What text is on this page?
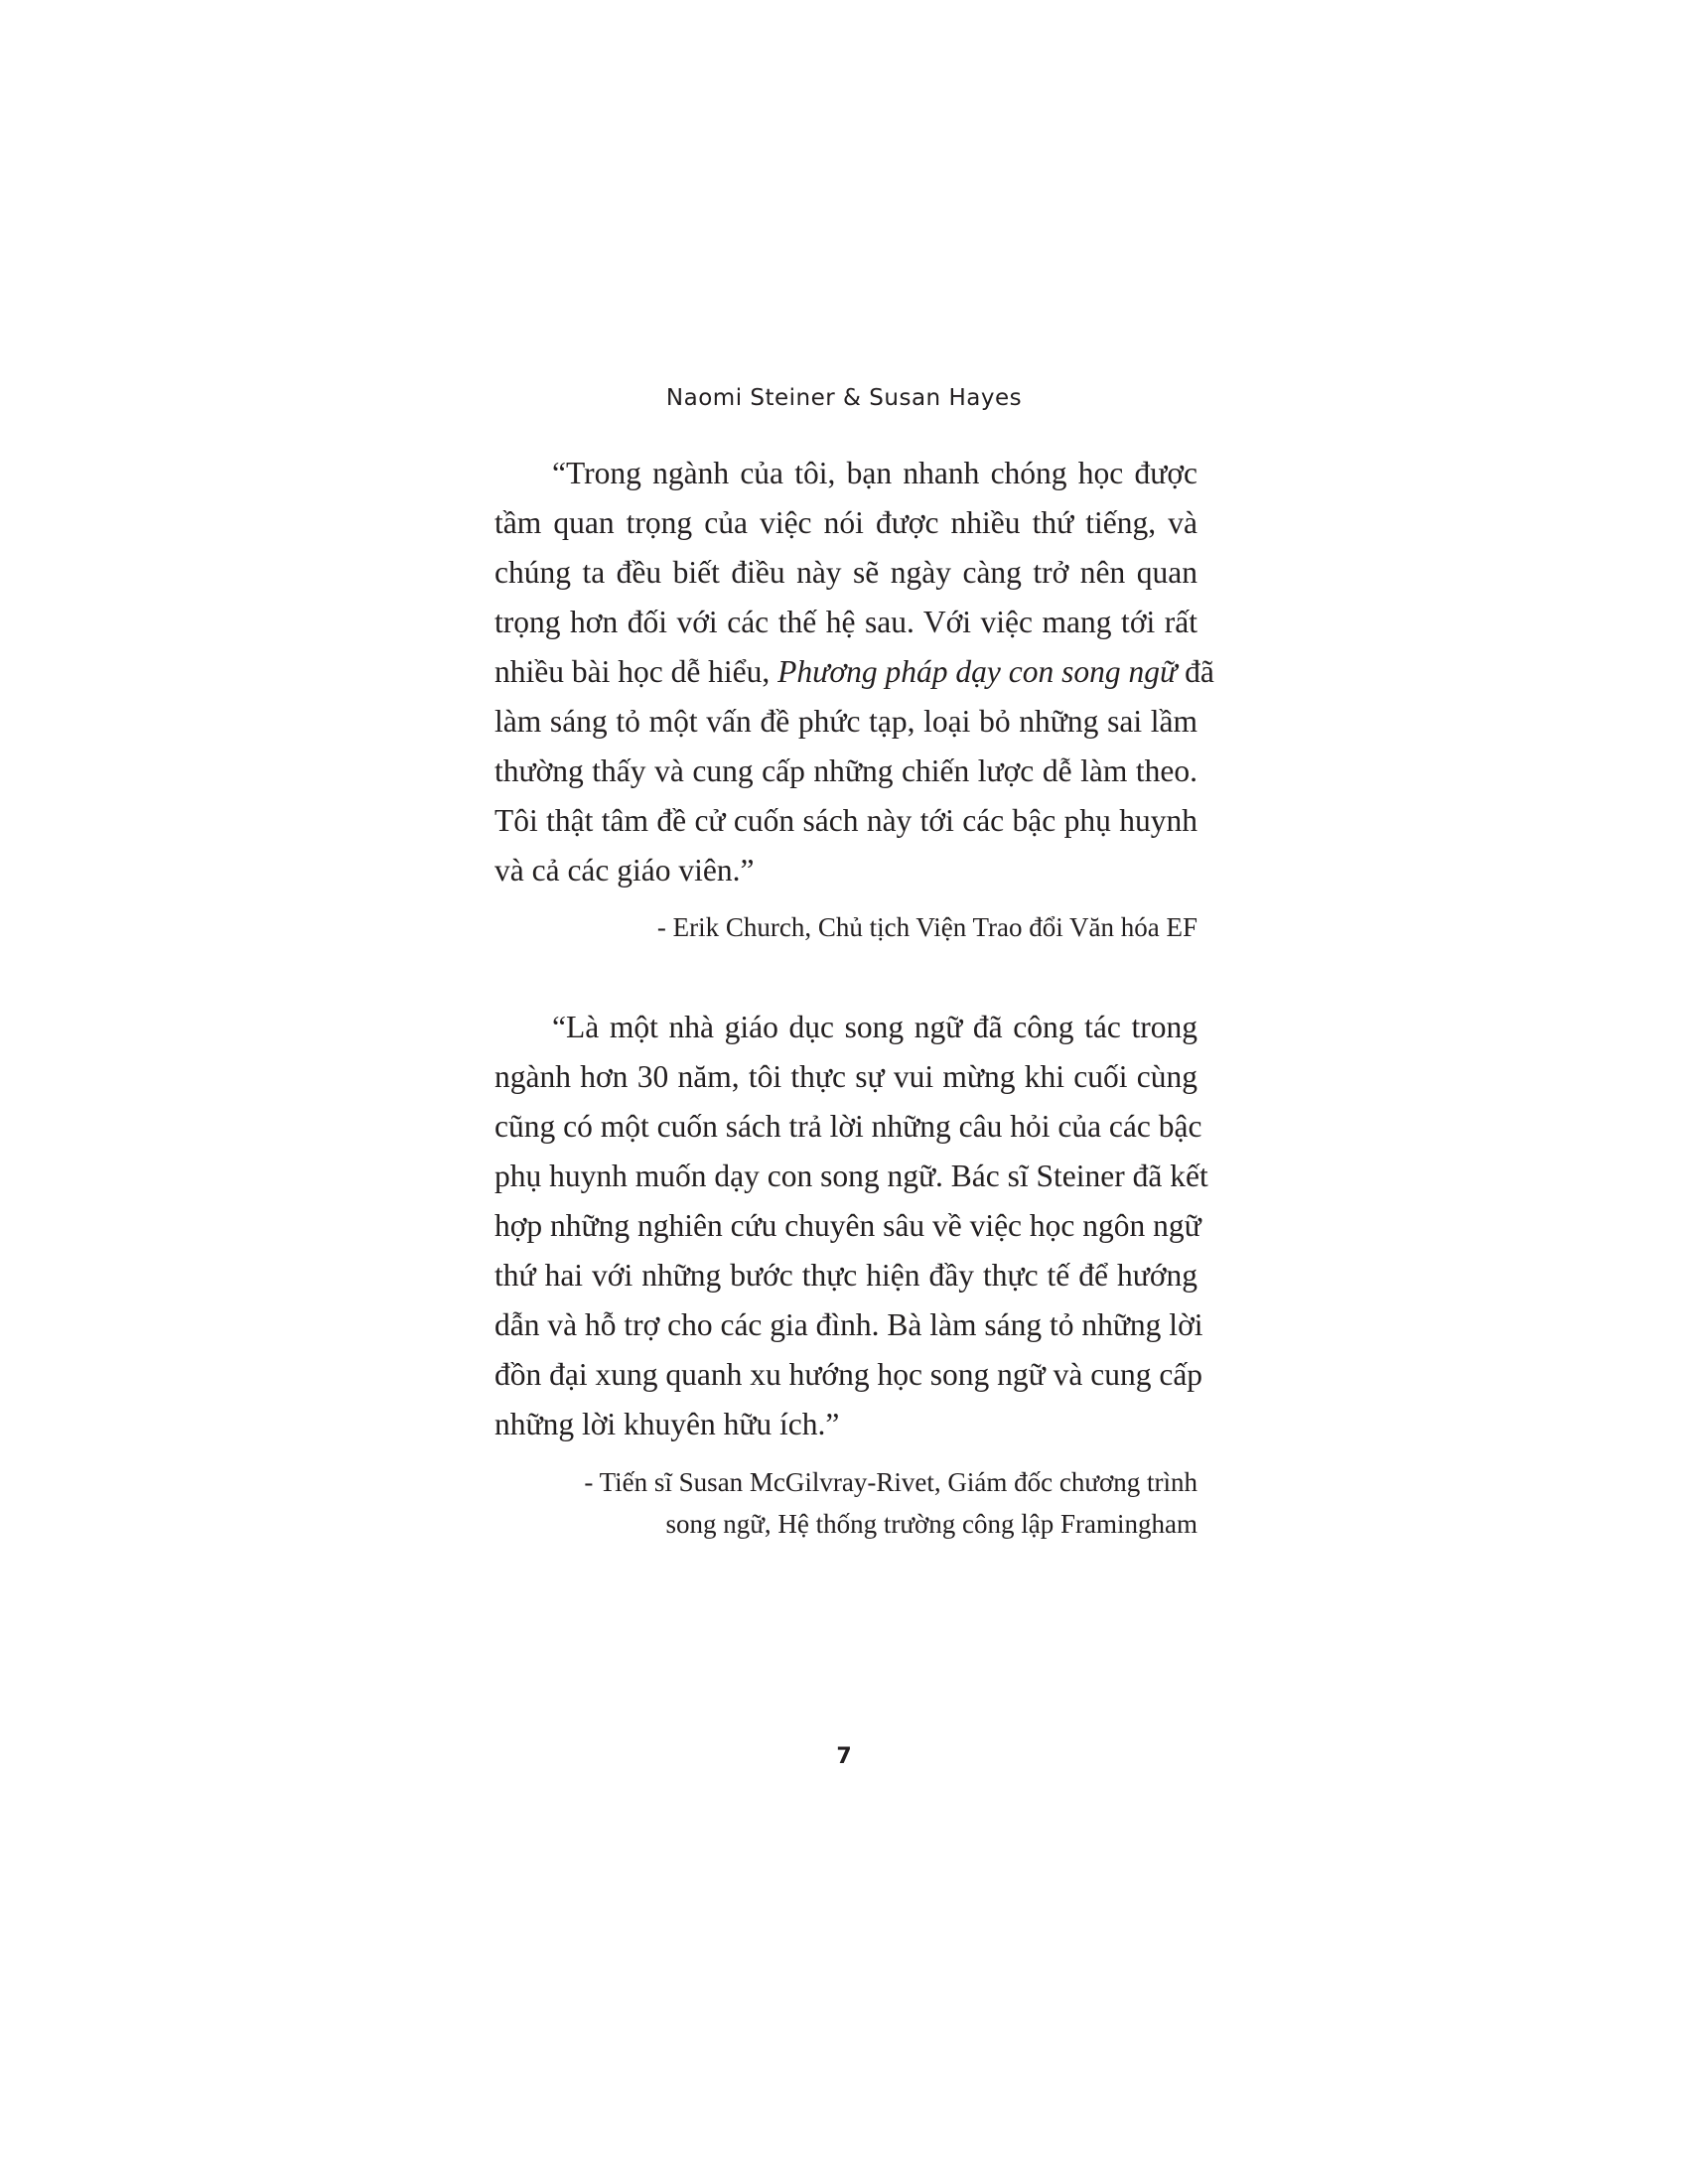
Naomi Steiner & Susan Hayes
“Trong ngành của tôi, bạn nhanh chóng học được
tầm quan trọng của việc nói được nhiều thứ tiếng, và
chúng ta đều biết điều này sẽ ngày càng trở nên quan
trọng hơn đối với các thế hệ sau. Với việc mang tới rất
nhiều bài học dễ hiểu, Phương pháp dạy con song ngữ đã
làm sáng tỏ một vấn đề phức tạp, loại bỏ những sai lầm
thường thấy và cung cấp những chiến lược dễ làm theo.
Tôi thật tâm đề cử cuốn sách này tới các bậc phụ huynh
và cả các giáo viên.”
- Erik Church, Chủ tịch Viện Trao đổi Văn hóa EF
“Là một nhà giáo dục song ngữ đã công tác trong
ngành hơn 30 năm, tôi thực sự vui mừng khi cuối cùng
cũng có một cuốn sách trả lời những câu hỏi của các bậc
phụ huynh muốn dạy con song ngữ. Bác sĩ Steiner đã kết
hợp những nghiên cứu chuyên sâu về việc học ngôn ngữ
thứ hai với những bước thực hiện đầy thực tế để hướng
dẫn và hỗ trợ cho các gia đình. Bà làm sáng tỏ những lời
đồn đại xung quanh xu hướng học song ngữ và cung cấp
những lời khuyên hữu ích.”
- Tiến sĩ Susan McGilvray-Rivet, Giám đốc chương trình
song ngữ, Hệ thống trường công lập Framingham
7
